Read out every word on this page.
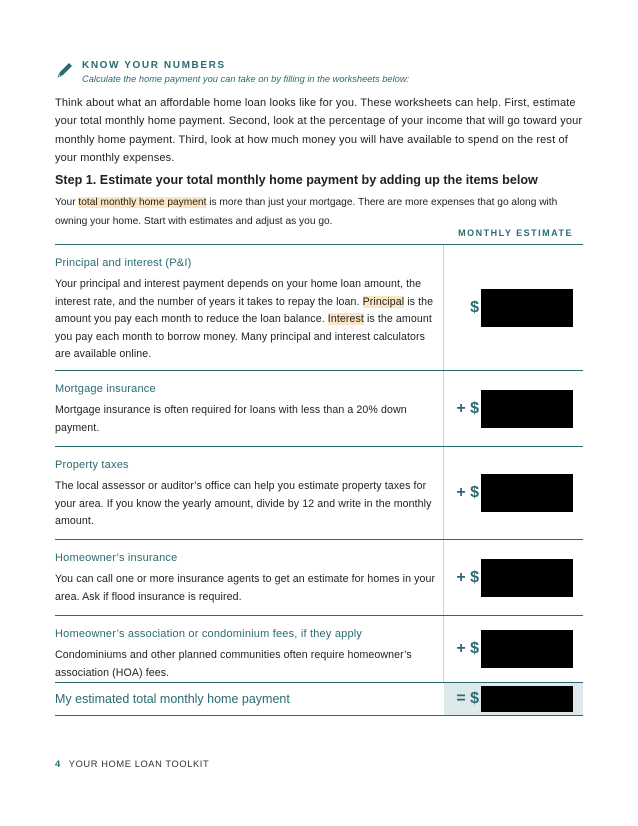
KNOW YOUR NUMBERS
Calculate the home payment you can take on by filling in the worksheets below:

Think about what an affordable home loan looks like for you. These worksheets can help. First, estimate your total monthly home payment. Second, look at the percentage of your income that will go toward your monthly home payment. Third, look at how much money you will have available to spend on the rest of your monthly expenses.

Step 1. Estimate your total monthly home payment by adding up the items below

Your total monthly home payment is more than just your mortgage. There are more expenses that go along with owning your home. Start with estimates and adjust as you go.

MONTHLY ESTIMATE

Principal and interest (P&I)

Your principal and interest payment depends on your home loan amount, the interest rate, and the number of years it takes to repay the loan. Principal is the amount you pay each month to reduce the loan balance. Interest is the amount you pay each month to borrow money. Many principal and interest calculators are available online.

$

Mortgage insurance

Mortgage insurance is often required for loans with less than a 20% down payment.

+ $

Property taxes

The local assessor or auditor’s office can help you estimate property taxes for your area. If you know the yearly amount, divide by 12 and write in the monthly amount.

+ $

Homeowner’s insurance

You can call one or more insurance agents to get an estimate for homes in your area. Ask if flood insurance is required.

+ $

Homeowner’s association or condominium fees, if they apply

Condominiums and other planned communities often require homeowner’s association (HOA) fees.

+ $

My estimated total monthly home payment	= $
4 YOUR HOME LOAN TOOLKIT
